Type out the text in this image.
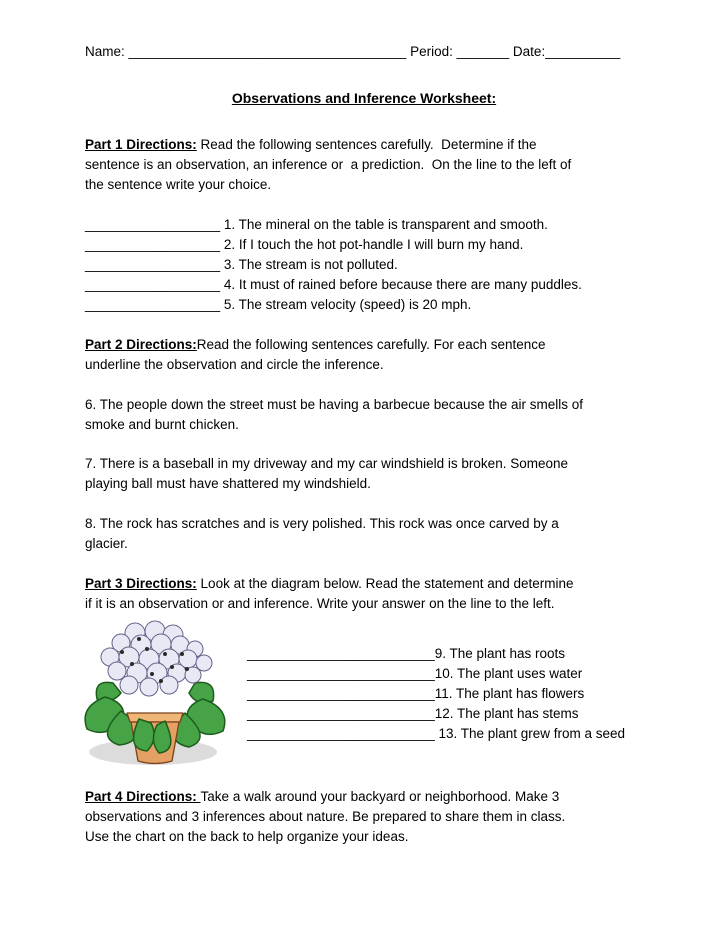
Name: _____________________________________ Period: _______ Date:__________
Observations and Inference Worksheet:
Part 1 Directions: Read the following sentences carefully.  Determine if the
sentence is an observation, an inference or  a prediction.  On the line to the left of
the sentence write your choice.
__________________ 1. The mineral on the table is transparent and smooth.
__________________ 2. If I touch the hot pot-handle I will burn my hand.
__________________ 3. The stream is not polluted.
__________________ 4. It must of rained before because there are many puddles.
__________________ 5. The stream velocity (speed) is 20 mph.
Part 2 Directions:Read the following sentences carefully. For each sentence
underline the observation and circle the inference.
6. The people down the street must be having a barbecue because the air smells of
smoke and burnt chicken.
7. There is a baseball in my driveway and my car windshield is broken. Someone
playing ball must have shattered my windshield.
8. The rock has scratches and is very polished. This rock was once carved by a
glacier.
Part 3 Directions: Look at the diagram below. Read the statement and determine
if it is an observation or and inference. Write your answer on the line to the left.
_________________________9. The plant has roots
_________________________10. The plant uses water
_________________________11. The plant has flowers
_________________________12. The plant has stems
_________________________ 13. The plant grew from a seed
Part 4 Directions: Take a walk around your backyard or neighborhood. Make 3
observations and 3 inferences about nature. Be prepared to share them in class.
Use the chart on the back to help organize your ideas.
